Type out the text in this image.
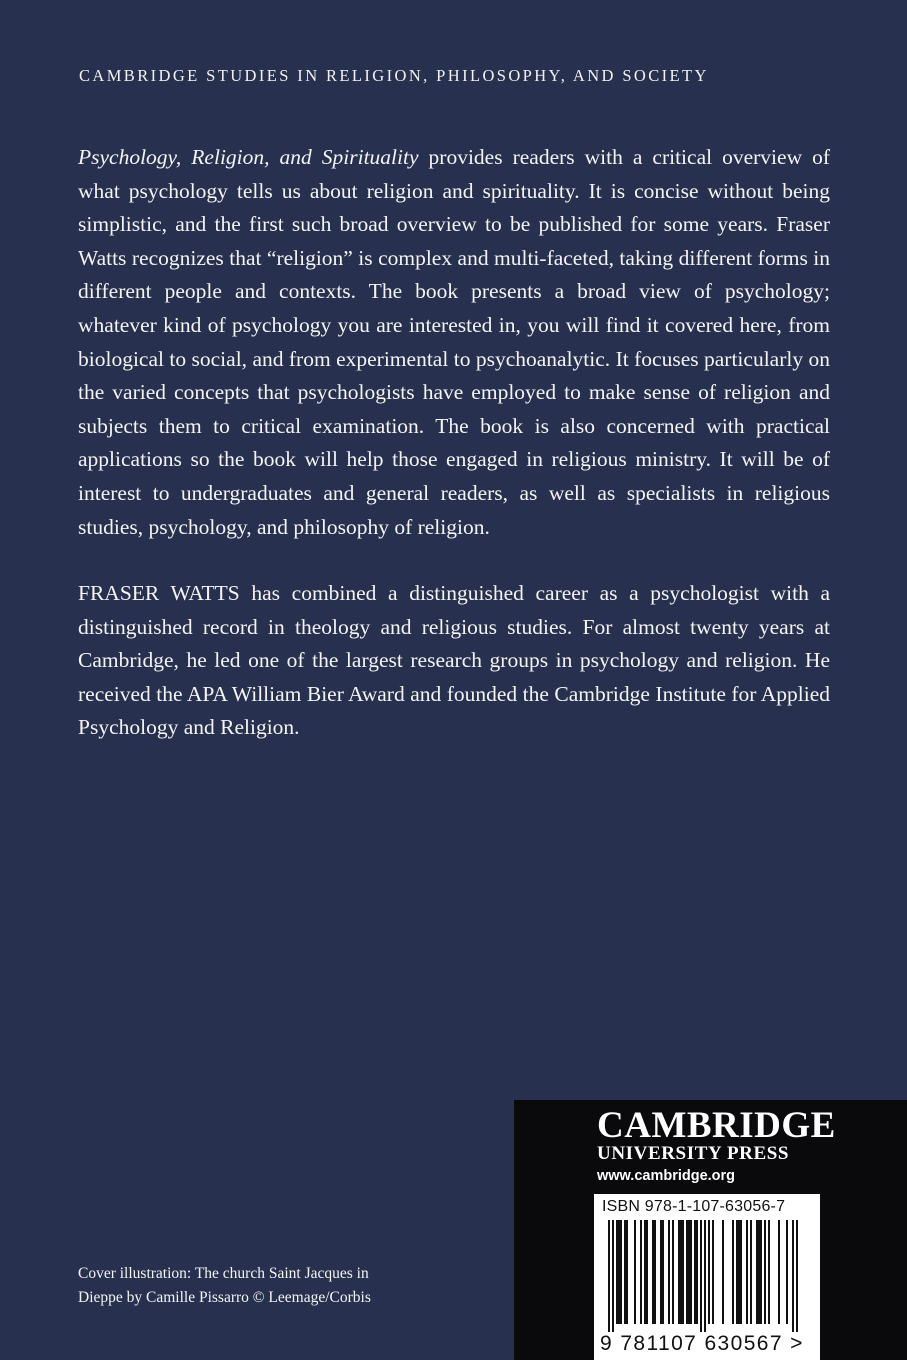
CAMBRIDGE STUDIES IN RELIGION, PHILOSOPHY, AND SOCIETY

Psychology, Religion, and Spirituality provides readers with a critical overview of what psychology tells us about religion and spirituality. It is concise without being simplistic, and the first such broad overview to be published for some years. Fraser Watts recognizes that “religion” is complex and multi-faceted, taking different forms in different people and contexts. The book presents a broad view of psychology; whatever kind of psychology you are interested in, you will find it covered here, from biological to social, and from experimental to psychoanalytic. It focuses particularly on the varied concepts that psychologists have employed to make sense of religion and subjects them to critical examination. The book is also concerned with practical applications so the book will help those engaged in religious ministry. It will be of interest to undergraduates and general readers, as well as specialists in religious studies, psychology, and philosophy of religion.

FRASER WATTS has combined a distinguished career as a psychologist with a distinguished record in theology and religious studies. For almost twenty years at Cambridge, he led one of the largest research groups in psychology and religion. He received the APA William Bier Award and founded the Cambridge Institute for Applied Psychology and Religion.

Cover illustration: The church Saint Jacques in
Dieppe by Camille Pissarro © Leemage/Corbis

CAMBRIDGE
UNIVERSITY PRESS
www.cambridge.org
ISBN 978-1-107-63056-7
9 781107 630567 >
